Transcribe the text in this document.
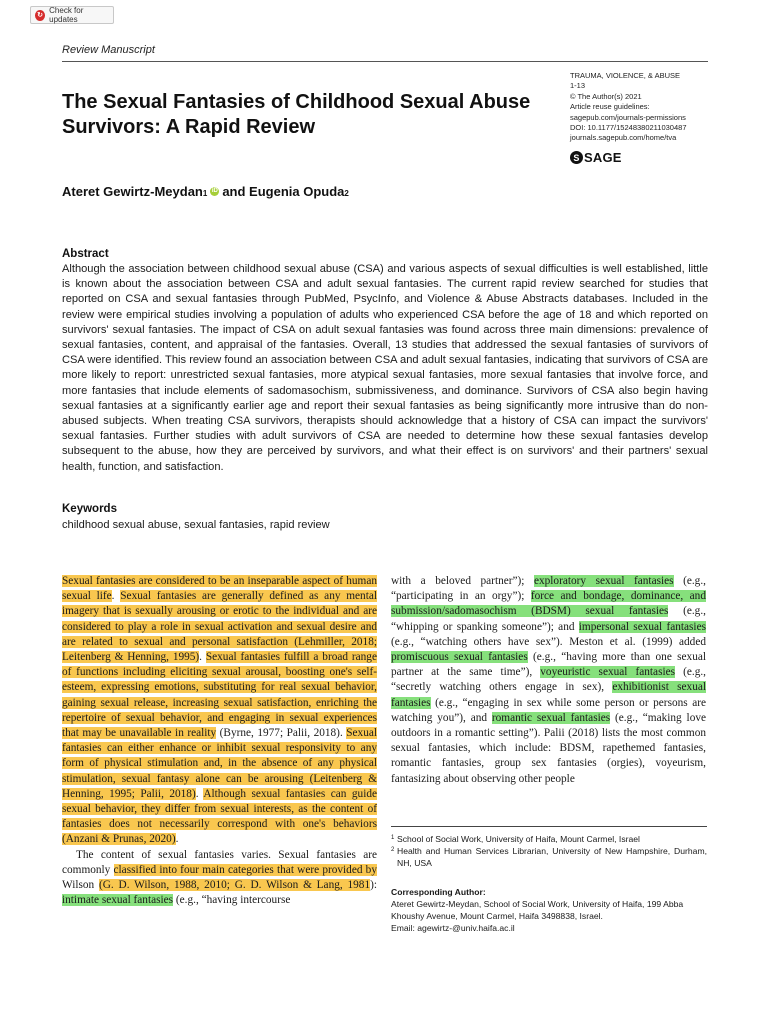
↻
Check for updates
Review Manuscript
The Sexual Fantasies of Childhood Sexual Abuse Survivors: A Rapid Review
TRAUMA, VIOLENCE, & ABUSE
1-13
© The Author(s) 2021
Article reuse guidelines:
sagepub.com/journals-permissions
DOI: 10.1177/15248380211030487
journals.sagepub.com/home/tva
S SAGE
Ateret Gewirtz-Meydan 1 iD and Eugenia Opuda 2
Abstract
Although the association between childhood sexual abuse (CSA) and various aspects of sexual difficulties is well established, little is known about the association between CSA and adult sexual fantasies. The current rapid review searched for studies that reported on CSA and sexual fantasies through PubMed, PsycInfo, and Violence & Abuse Abstracts databases. Included in the review were empirical studies involving a population of adults who experienced CSA before the age of 18 and which reported on survivors' sexual fantasies. The impact of CSA on adult sexual fantasies was found across three main dimensions: prevalence of sexual fantasies, content, and appraisal of the fantasies. Overall, 13 studies that addressed the sexual fantasies of survivors of CSA were identified. This review found an association between CSA and adult sexual fantasies, indicating that survivors of CSA are more likely to report: unrestricted sexual fantasies, more atypical sexual fantasies, more sexual fantasies that involve force, and more fantasies that include elements of sadomasochism, submissiveness, and dominance. Survivors of CSA also begin having sexual fantasies at a significantly earlier age and report their sexual fantasies as being significantly more intrusive than do non-abused subjects. When treating CSA survivors, therapists should acknowledge that a history of CSA can impact the survivors' sexual fantasies. Further studies with adult survivors of CSA are needed to determine how these sexual fantasies develop subsequent to the abuse, how they are perceived by survivors, and what their effect is on survivors' and their partners' sexual health, function, and satisfaction.
Keywords
childhood sexual abuse, sexual fantasies, rapid review

Sexual fantasies are considered to be an inseparable aspect of human sexual life. Sexual fantasies are generally defined as any mental imagery that is sexually arousing or erotic to the individual and are considered to play a role in sexual activation and sexual desire and are related to sexual and personal satisfaction (Lehmiller, 2018; Leitenberg & Henning, 1995). Sexual fantasies fulfill a broad range of functions including eliciting sexual arousal, boosting one's self-esteem, expressing emotions, substituting for real sexual behavior, gaining sexual release, increasing sexual satisfaction, enriching the repertoire of sexual behavior, and engaging in sexual experiences that may be unavailable in reality (Byrne, 1977; Palii, 2018). Sexual fantasies can either enhance or inhibit sexual responsivity to any form of physical stimulation and, in the absence of any physical stimulation, sexual fantasy alone can be arousing (Leitenberg & Henning, 1995; Palii, 2018). Although sexual fantasies can guide sexual behavior, they differ from sexual interests, as the content of fantasies does not necessarily correspond with one's behaviors (Anzani & Prunas, 2020).

The content of sexual fantasies varies. Sexual fantasies are commonly classified into four main categories that were provided by Wilson (G. D. Wilson, 1988, 2010; G. D. Wilson & Lang, 1981): intimate sexual fantasies (e.g., “having intercourse

with a beloved partner”); exploratory sexual fantasies (e.g., “participating in an orgy”); force and bondage, dominance, and submission/sadomasochism (BDSM) sexual fantasies (e.g., “whipping or spanking someone”); and impersonal sexual fantasies (e.g., “watching others have sex”). Meston et al. (1999) added promiscuous sexual fantasies (e.g., “having more than one sexual partner at the same time”), voyeuristic sexual fantasies (e.g., “secretly watching others engage in sex), exhibitionist sexual fantasies (e.g., “engaging in sex while some person or persons are watching you”), and romantic sexual fantasies (e.g., “making love outdoors in a romantic setting”). Palii (2018) lists the most common sexual fantasies, which include: BDSM, rapethemed fantasies, romantic fantasies, group sex fantasies (orgies), voyeurism, fantasizing about observing other people

1 School of Social Work, University of Haifa, Mount Carmel, Israel
2 Health and Human Services Librarian, University of New Hampshire, Durham, NH, USA
Corresponding Author:
Ateret Gewirtz-Meydan, School of Social Work, University of Haifa, 199 Abba Khoushy Avenue, Mount Carmel, Haifa 3498838, Israel.
Email: agewirtz-@univ.haifa.ac.il
